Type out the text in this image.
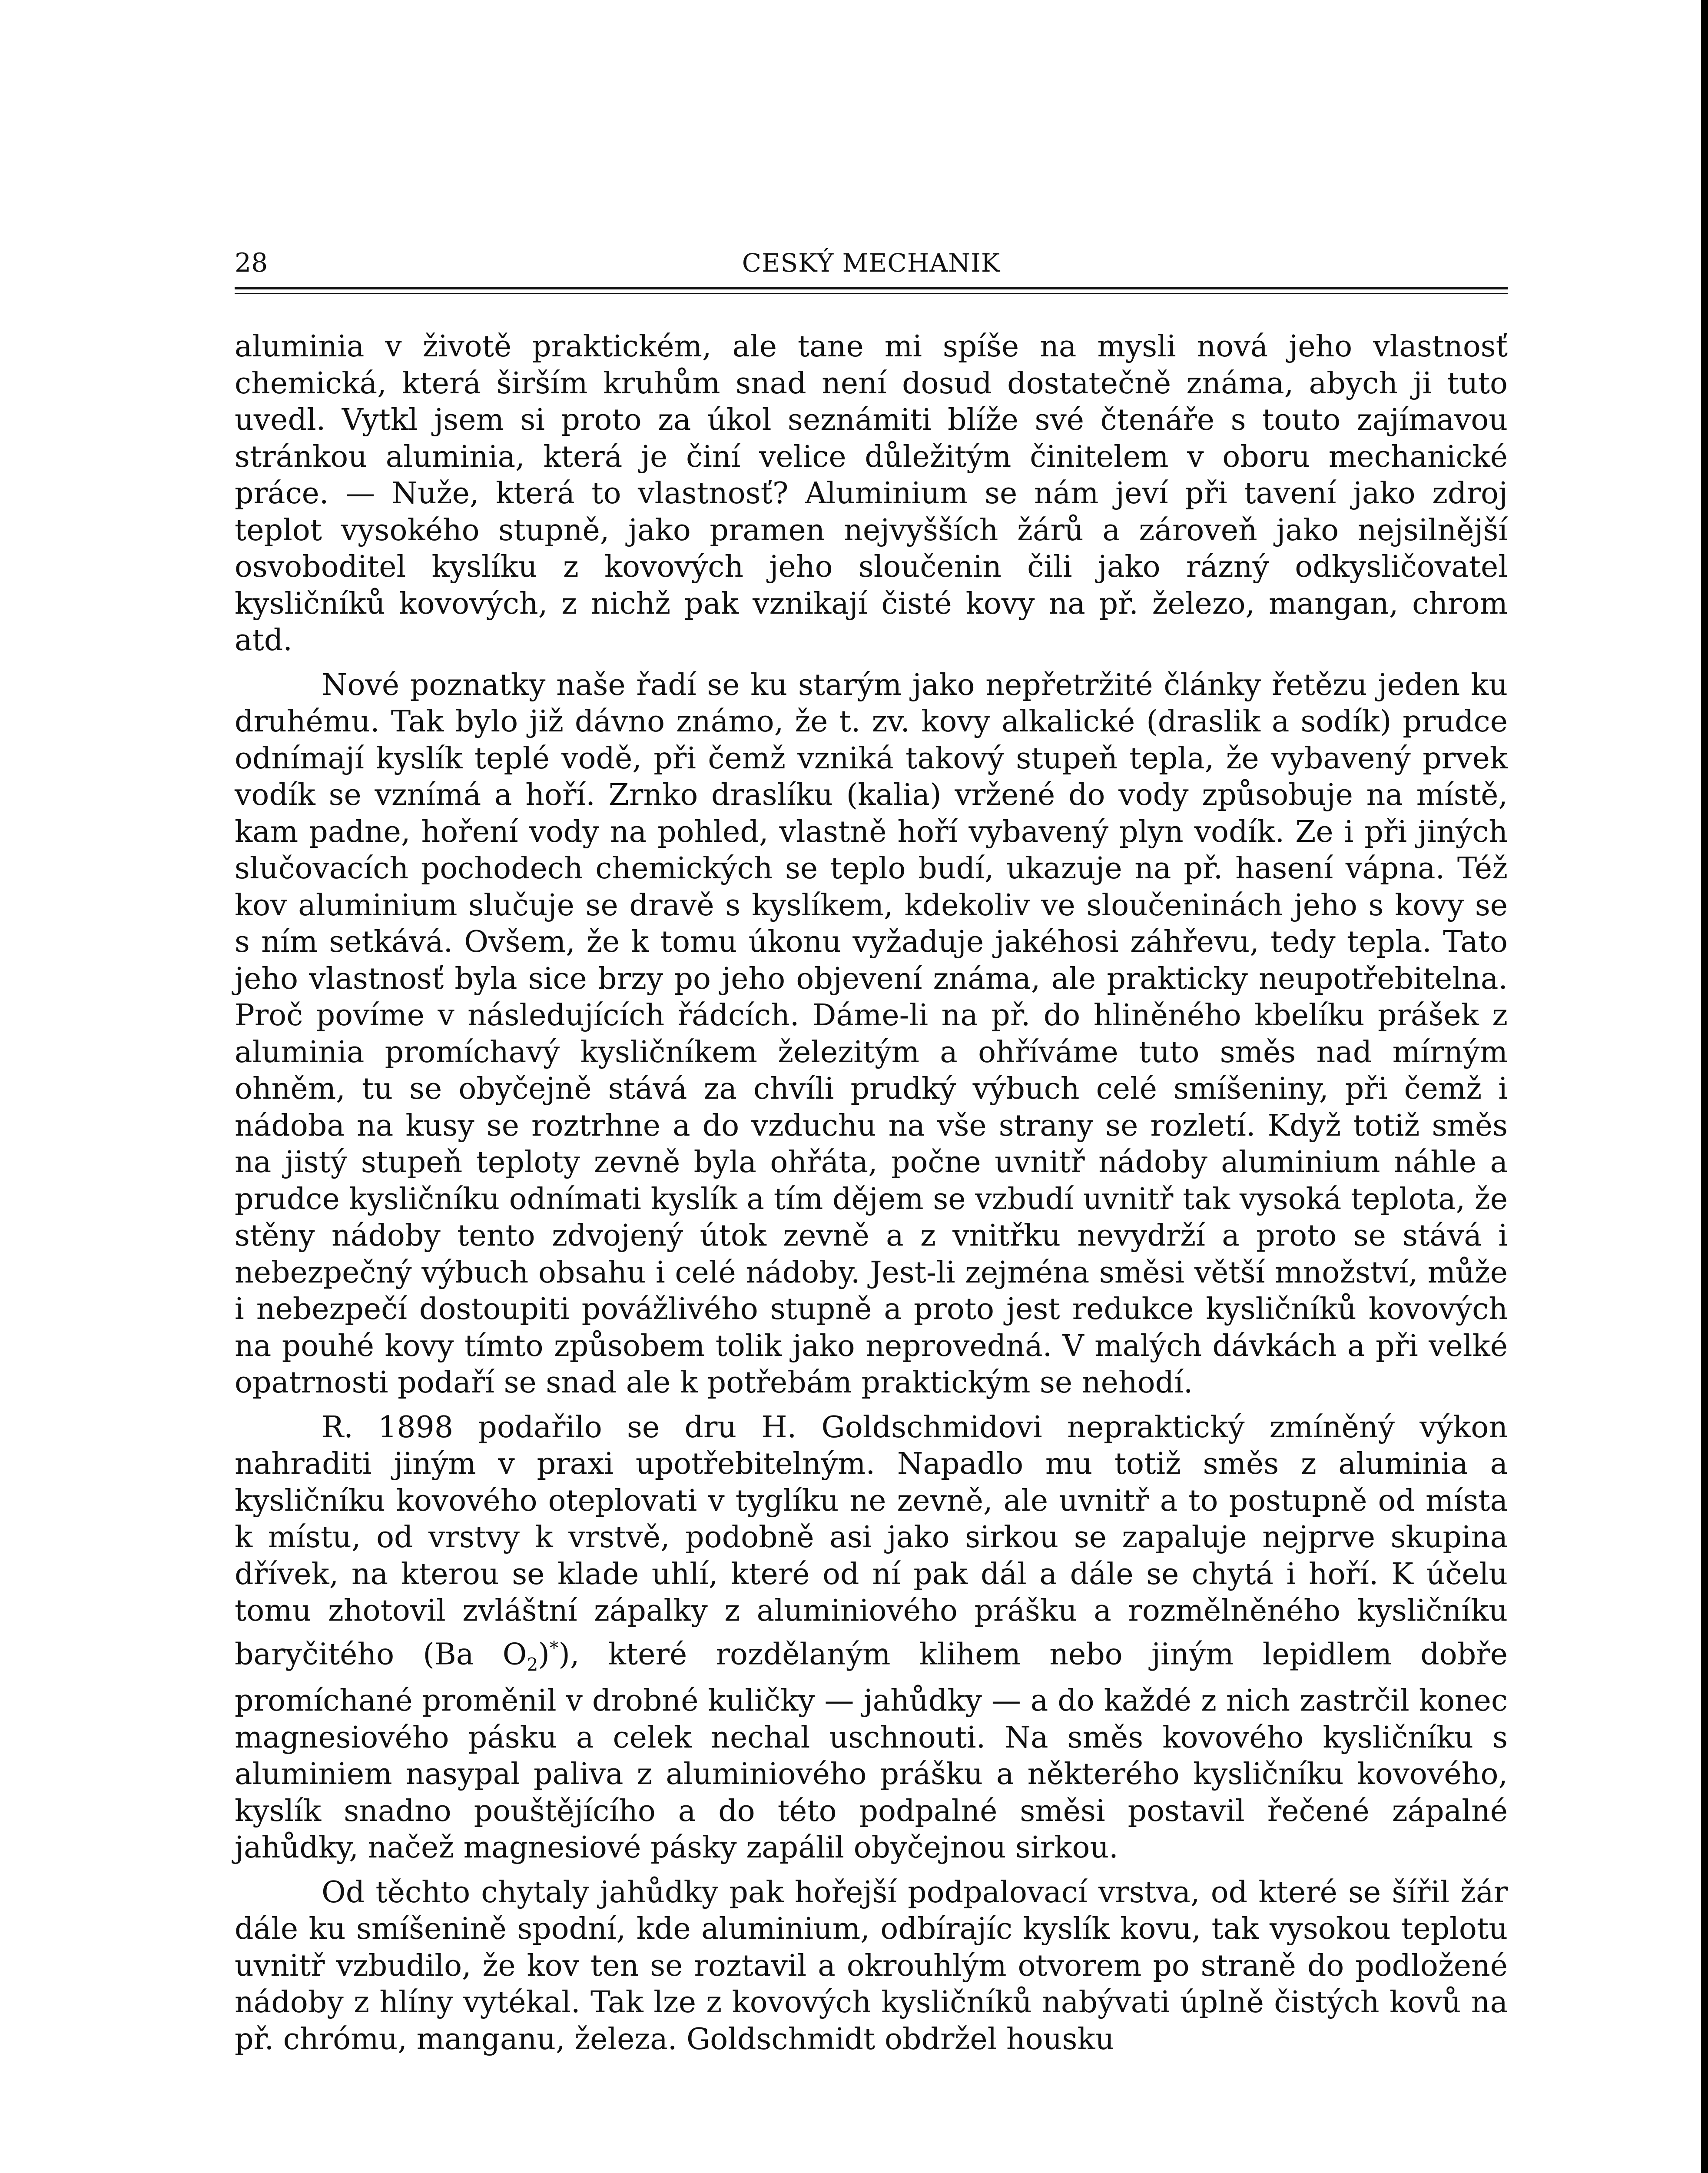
28	CESKÝ MECHANIK

aluminia v životě praktickém, ale tane mi spíše na mysli nová jeho vlastnosť chemická, která širším kruhům snad není dosud dostatečně známa, abych ji tuto uvedl. Vytkl jsem si proto za úkol seznámiti blíže své čtenáře s touto zajímavou stránkou aluminia, která je činí velice důležitým činitelem v oboru mechanické práce. — Nuže, která to vlastnosť? Aluminium se nám jeví při tavení jako zdroj teplot vysokého stupně, jako pramen nejvyšších žárů a zároveň jako nejsilnější osvoboditel kyslíku z kovových jeho sloučenin čili jako rázný odkysličovatel kysličníků kovových, z nichž pak vznikají čisté kovy na př. železo, mangan, chrom atd.

Nové poznatky naše řadí se ku starým jako nepřetržité články řetězu jeden ku druhému. Tak bylo již dávno známo, že t. zv. kovy alkalické (draslik a sodík) prudce odnímají kyslík teplé vodě, při čemž vzniká takový stupeň tepla, že vybavený prvek vodík se vznímá a hoří. Zrnko draslíku (kalia) vržené do vody způsobuje na místě, kam padne, hoření vody na pohled, vlastně hoří vybavený plyn vodík. Ze i při jiných slučovacích pochodech chemických se teplo budí, ukazuje na př. hasení vápna. Též kov aluminium slučuje se dravě s kyslíkem, kdekoliv ve sloučeninách jeho s kovy se s ním setkává. Ovšem, že k tomu úkonu vyžaduje jakéhosi záhřevu, tedy tepla. Tato jeho vlastnosť byla sice brzy po jeho objevení známa, ale prakticky neupotřebitelna. Proč povíme v následujících řádcích. Dáme-li na př. do hliněného kbelíku prášek z aluminia promíchavý kysličníkem železitým a ohříváme tuto směs nad mírným ohněm, tu se obyčejně stává za chvíli prudký výbuch celé smíšeniny, při čemž i nádoba na kusy se roztrhne a do vzduchu na vše strany se rozletí. Když totiž směs na jistý stupeň teploty zevně byla ohřáta, počne uvnitř nádoby aluminium náhle a prudce kysličníku odnímati kyslík a tím dějem se vzbudí uvnitř tak vysoká teplota, že stěny nádoby tento zdvojený útok zevně a z vnitřku nevydrží a proto se stává i nebezpečný výbuch obsahu i celé nádoby. Jest-li zejména směsi větší množství, může i nebezpečí dostoupiti povážlivého stupně a proto jest redukce kysličníků kovových na pouhé kovy tímto způsobem tolik jako neprovedná. V malých dávkách a při velké opatrnosti podaří se snad ale k potřebám praktickým se nehodí.

R. 1898 podařilo se dru H. Goldschmidovi nepraktický zmíněný výkon nahraditi jiným v praxi upotřebitelným. Napadlo mu totiž směs z aluminia a kysličníku kovového oteplovati v tyglíku ne zevně, ale uvnitř a to postupně od místa k místu, od vrstvy k vrstvě, podobně asi jako sirkou se zapaluje nejprve skupina dřívek, na kterou se klade uhlí, které od ní pak dál a dále se chytá i hoří. K účelu tomu zhotovil zvláštní zápalky z aluminiového prášku a rozmělněného kysličníku baryčitého (Ba $O_2)^*$), které rozdělaným klihem nebo jiným lepidlem dobře promíchané proměnil v drobné kuličky — jahůdky — a do každé z nich zastrčil konec magnesiového pásku a celek nechal uschnouti. Na směs kovového kysličníku s aluminiem nasypal paliva z aluminiového prášku a některého kysličníku kovového, kyslík snadno pouštějícího a do této podpalné směsi postavil řečené zápalné jahůdky, načež magnesiové pásky zapálil obyčejnou sirkou.

Od těchto chytaly jahůdky pak hořejší podpalovací vrstva, od které se šířil žár dále ku smíšenině spodní, kde aluminium, odbírajíc kyslík kovu, tak vysokou teplotu uvnitř vzbudilo, že kov ten se roztavil a okrouhlým otvorem po straně do podložené nádoby z hlíny vytékal. Tak lze z kovových kysličníků nabývati úplně čistých kovů na př. chrómu, manganu, železa. Goldschmidt obdržel housku
